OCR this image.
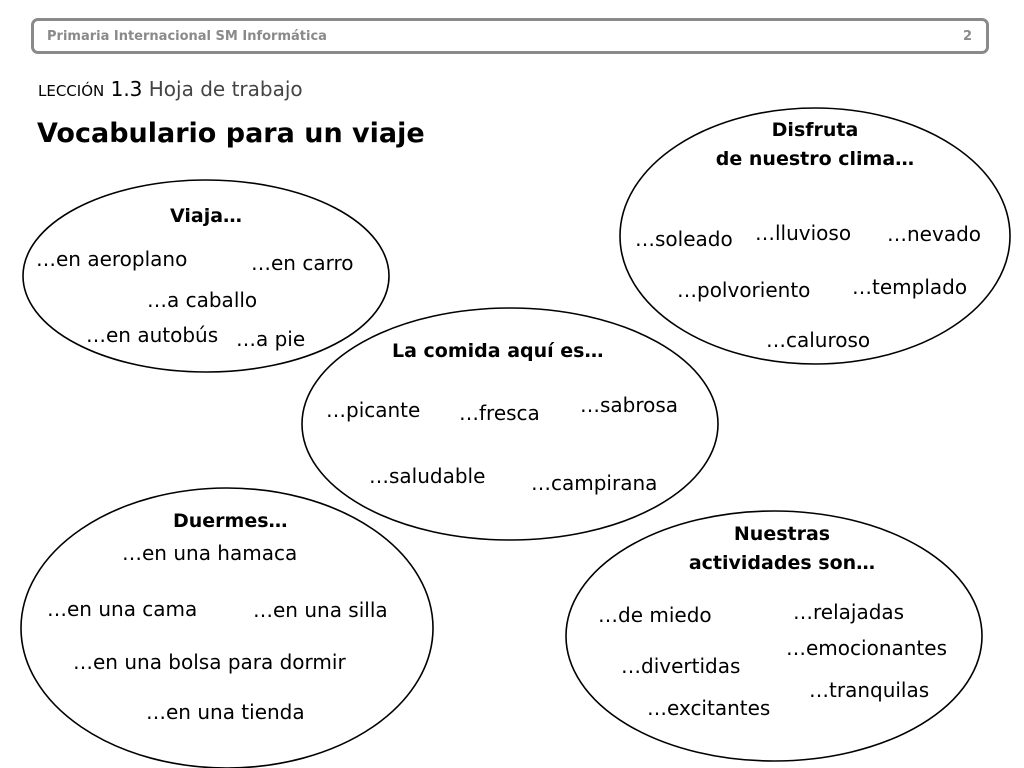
Primaria Internacional SM Informática	2
LECCIÓN 1.3 Hoja de trabajo
Vocabulario para un viaje
Viaja…
…en aeroplano	…en carro
…a caballo
…en autobús …a pie
Disfruta
de nuestro clima…
…soleado …lluvioso …nevado
…polvoriento …templado
…caluroso
La comida aquí es…
…picante …fresca …sabrosa
…saludable …campirana
Duermes…
…en una hamaca
…en una cama	…en una silla
…en una bolsa para dormir
…en una tienda
Nuestras
actividades son…
…de miedo	…relajadas
…emocionantes
…divertidas
…tranquilas
…excitantes
